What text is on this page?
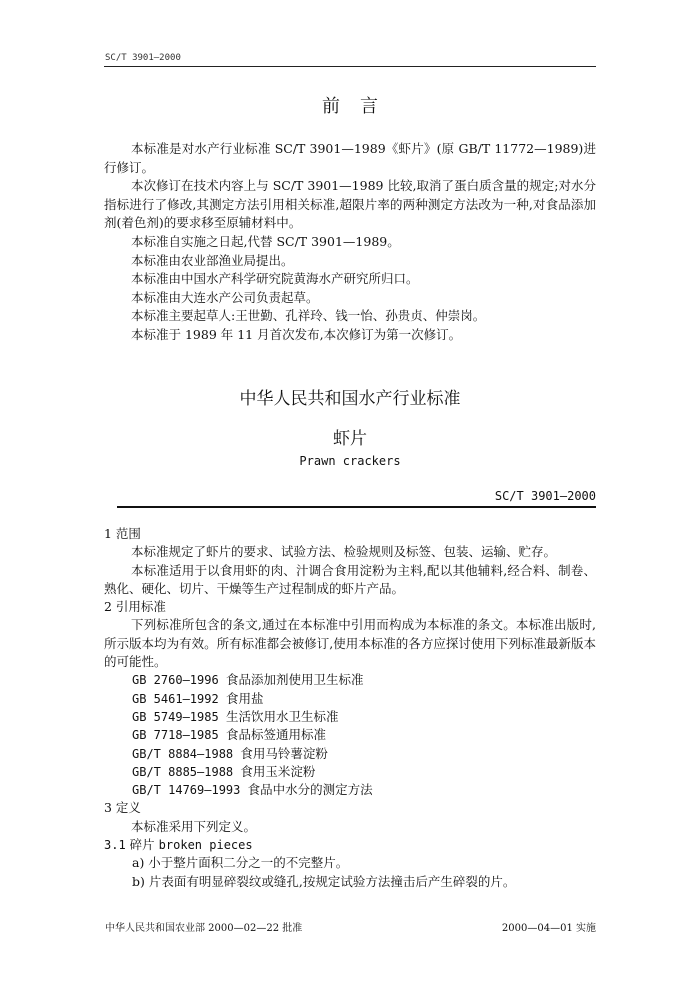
SC/T 3901—2000
前言

本标准是对水产行业标准 SC/T 3901—1989《虾片》(原 GB/T 11772—1989)进行修订。

本次修订在技术内容上与 SC/T 3901—1989 比较,取消了蛋白质含量的规定;对水分指标进行了修改,其测定方法引用相关标准,超限片率的两种测定方法改为一种,对食品添加剂(着色剂)的要求移至原辅材料中。

本标准自实施之日起,代替 SC/T 3901—1989。

本标准由农业部渔业局提出。

本标准由中国水产科学研究院黄海水产研究所归口。

本标准由大连水产公司负责起草。

本标准主要起草人:王世勤、孔祥玲、钱一怡、孙贵贞、仲崇岗。

本标准于 1989 年 11 月首次发布,本次修订为第一次修订。

中华人民共和国水产行业标准
虾片
Prawn crackers
SC/T 3901—2000

1 范围

本标准规定了虾片的要求、试验方法、检验规则及标签、包装、运输、贮存。

本标准适用于以食用虾的肉、汁调合食用淀粉为主料,配以其他辅料,经合料、制卷、熟化、硬化、切片、干燥等生产过程制成的虾片产品。

2 引用标准

下列标准所包含的条文,通过在本标准中引用而构成为本标准的条文。本标准出版时,所示版本均为有效。所有标准都会被修订,使用本标准的各方应探讨使用下列标准最新版本的可能性。

GB 2760—1996 食品添加剂使用卫生标准

GB 5461—1992 食用盐

GB 5749—1985 生活饮用水卫生标准

GB 7718—1985 食品标签通用标准

GB/T 8884—1988 食用马铃薯淀粉

GB/T 8885—1988 食用玉米淀粉

GB/T 14769—1993 食品中水分的测定方法

3 定义

本标准采用下列定义。

3.1 碎片 broken pieces

a) 小于整片面积二分之一的不完整片。

b) 片表面有明显碎裂纹或缝孔,按规定试验方法撞击后产生碎裂的片。

中华人民共和国农业部 2000—02—22 批准	2000—04—01 实施
